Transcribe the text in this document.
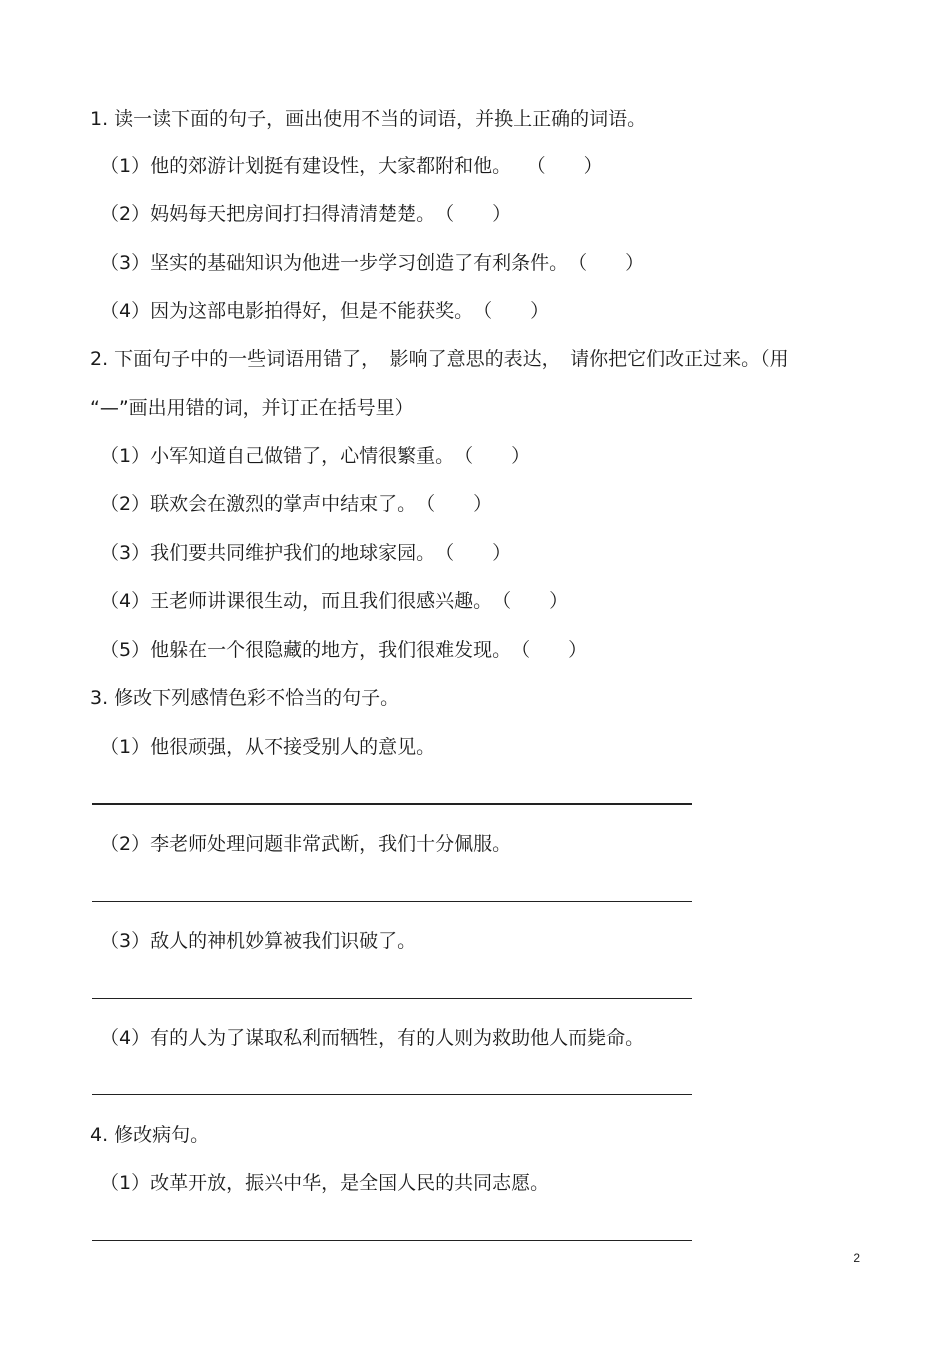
1. 读一读下面的句子，画出使用不当的词语，并换上正确的词语。
（1）他的郊游计划挺有建设性，大家都附和他。　 （　　）
（2）妈妈每天把房间打扫得清清楚楚。　（　　）
（3）坚实的基础知识为他进一步学习创造了有利条件。　（　　）
（4）因为这部电影拍得好，但是不能获奖。　（　　）
2. 下面句子中的一些词语用错了，　影响了意思的表达，　请你把它们改正过来。（用
“—”画出用错的词，并订正在括号里）
（1）小军知道自己做错了，心情很繁重。　（　　）
（2）联欢会在激烈的掌声中结束了。　（　　）
（3）我们要共同维护我们的地球家园。　（　　）
（4）王老师讲课很生动，而且我们很感兴趣。　（　　）
（5）他躲在一个很隐藏的地方，我们很难发现。　（　　）
3. 修改下列感情色彩不恰当的句子。
（1）他很顽强，从不接受别人的意见。
（2）李老师处理问题非常武断，我们十分佩服。
（3）敌人的神机妙算被我们识破了。
（4）有的人为了谋取私利而牺牲，有的人则为救助他人而毙命。
4. 修改病句。
（1）改革开放，振兴中华，是全国人民的共同志愿。
2
